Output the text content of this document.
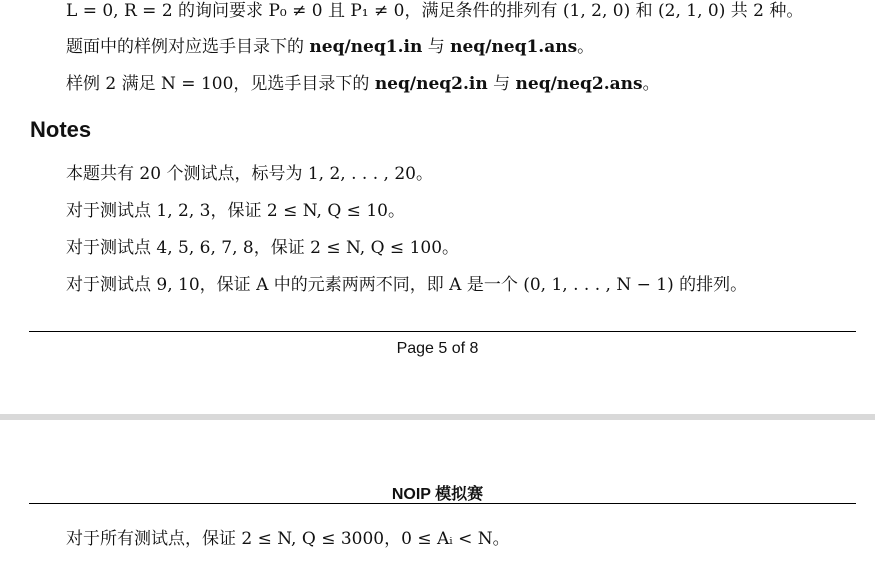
L = 0, R = 2 的询问要求 P₀ ≠ 0 且 P₁ ≠ 0，满足条件的排列有 (1, 2, 0) 和 (2, 1, 0) 共 2 种。
题面中的样例对应选手目录下的 neq/neq1.in 与 neq/neq1.ans。
样例 2 满足 N = 100，见选手目录下的 neq/neq2.in 与 neq/neq2.ans。
Notes
本题共有 20 个测试点，标号为 1, 2, . . . , 20。
对于测试点 1, 2, 3，保证 2 ≤ N, Q ≤ 10。
对于测试点 4, 5, 6, 7, 8，保证 2 ≤ N, Q ≤ 100。
对于测试点 9, 10，保证 A 中的元素两两不同，即 A 是一个 (0, 1, . . . , N − 1) 的排列。
Page 5 of 8
NOIP 模拟赛
对于所有测试点，保证 2 ≤ N, Q ≤ 3000，0 ≤ Aᵢ < N。
